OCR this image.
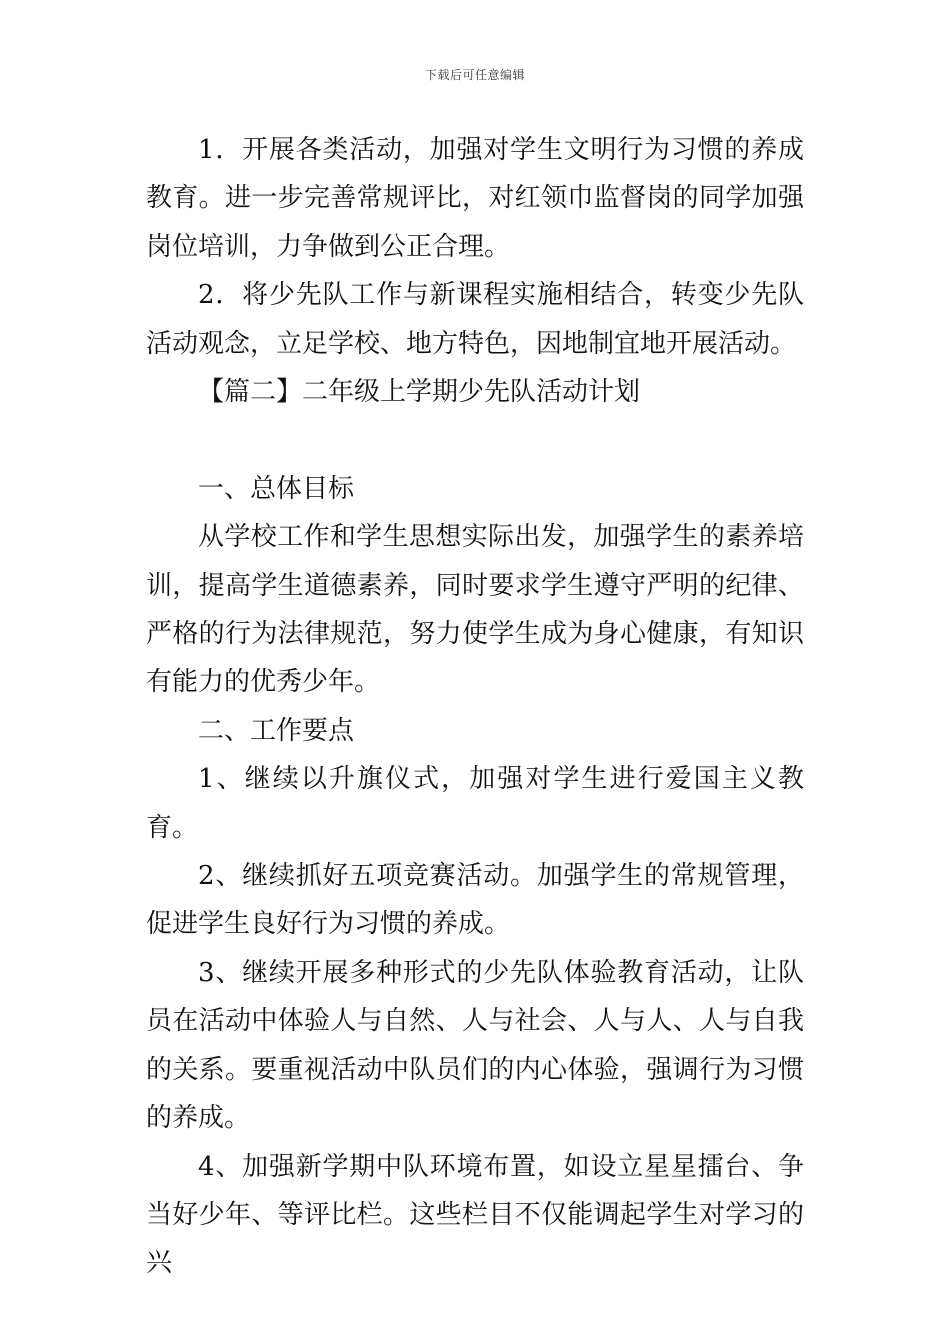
下载后可任意编辑

1．开展各类活动，加强对学生文明行为习惯的养成教育。进一步完善常规评比，对红领巾监督岗的同学加强岗位培训，力争做到公正合理。

2．将少先队工作与新课程实施相结合，转变少先队活动观念，立足学校、地方特色，因地制宜地开展活动。

【篇二】二年级上学期少先队活动计划

一、总体目标

从学校工作和学生思想实际出发，加强学生的素养培训，提高学生道德素养，同时要求学生遵守严明的纪律、严格的行为法律规范，努力使学生成为身心健康，有知识有能力的优秀少年。

二、工作要点

1、继续以升旗仪式，加强对学生进行爱国主义教育。

2、继续抓好五项竞赛活动。加强学生的常规管理，促进学生良好行为习惯的养成。

3、继续开展多种形式的少先队体验教育活动，让队员在活动中体验人与自然、人与社会、人与人、人与自我的关系。要重视活动中队员们的内心体验，强调行为习惯的养成。

4、加强新学期中队环境布置，如设立星星擂台、争当好少年、等评比栏。这些栏目不仅能调起学生对学习的兴
